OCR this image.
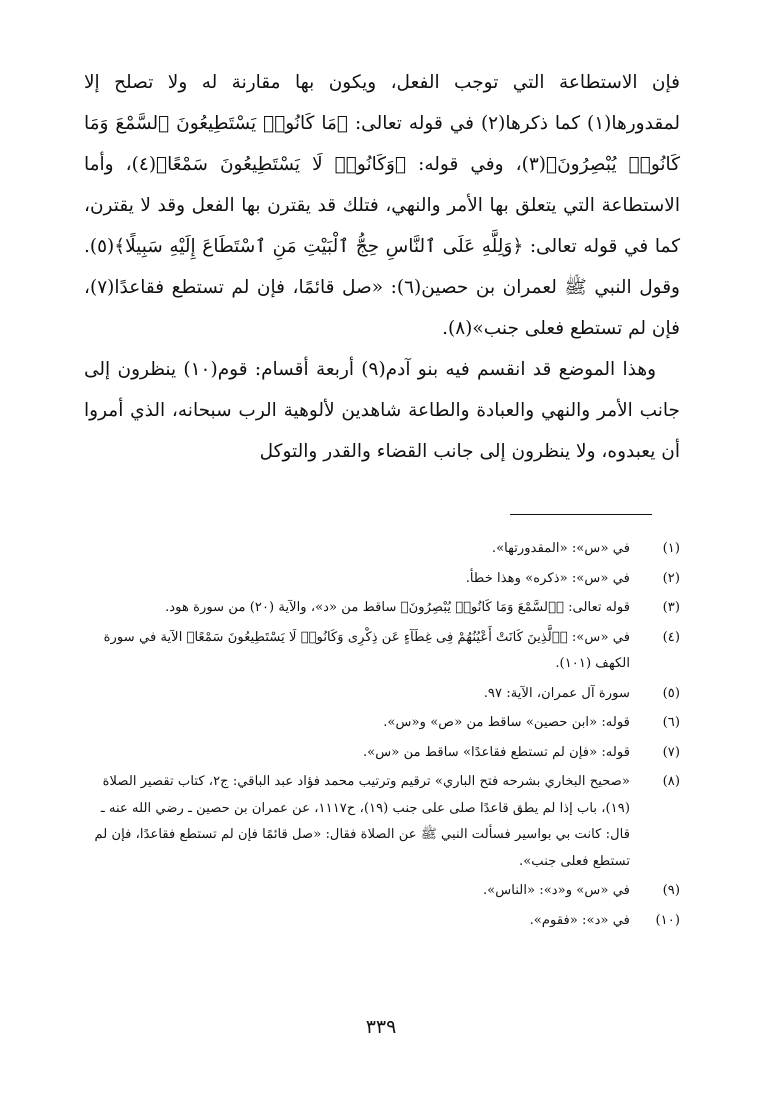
فإن الاستطاعة التي توجب الفعل، ويكون بها مقارنة له ولا تصلح إلا لمقدورها(١) كما ذكرها(٢) في قوله تعالى: ﴿مَا كَانُوا۟ يَسْتَطِيعُونَ ٱلسَّمْعَ وَمَا كَانُوا۟ يُبْصِرُونَ﴾(٣)، وفي قوله: ﴿وَكَانُوا۟ لَا يَسْتَطِيعُونَ سَمْعًا﴾(٤)، وأما الاستطاعة التي يتعلق بها الأمر والنهي، فتلك قد يقترن بها الفعل وقد لا يقترن، كما في قوله تعالى: ﴿وَلِلَّهِ عَلَى ٱلنَّاسِ حِجُّ ٱلْبَيْتِ مَنِ ٱسْتَطَاعَ إِلَيْهِ سَبِيلًا﴾(٥). وقول النبي ﷺ لعمران بن حصين(٦): «صل قائمًا، فإن لم تستطع فقاعدًا(٧)، فإن لم تستطع فعلى جنب»(٨).

وهذا الموضع قد انقسم فيه بنو آدم(٩) أربعة أقسام: قوم(١٠) ينظرون إلى جانب الأمر والنهي والعبادة والطاعة شاهدين لألوهية الرب سبحانه، الذي أمروا أن يعبدوه، ولا ينظرون إلى جانب القضاء والقدر والتوكل

(١)
في «س»: «المقدورتها».
(٢)
في «س»: «ذكره» وهذا خطأ.
(٣)
قوله تعالى: ﴿ٱلسَّمْعَ وَمَا كَانُوا۟ يُبْصِرُونَ﴾ ساقط من «د»، والآية (٢٠) من سورة هود.
(٤)
في «س»: ﴿ٱلَّذِينَ كَانَتْ أَعْيُنُهُمْ فِى غِطَآءٍ عَن ذِكْرِى وَكَانُوا۟ لَا يَسْتَطِيعُونَ سَمْعًا﴾ الآية في سورة الكهف (١٠١).
(٥)
سورة آل عمران، الآية: ٩٧.
(٦)
قوله: «ابن حصين» ساقط من «ص» و«س».
(٧)
قوله: «فإن لم تستطع فقاعدًا» ساقط من «س».
(٨)
«صحيح البخاري بشرحه فتح الباري» ترقيم وترتيب محمد فؤاد عبد الباقي: ج٢، كتاب تقصير الصلاة (١٩)، باب إذا لم يطق قاعدًا صلى على جنب (١٩)، ح١١١٧، عن عمران بن حصين ـ رضي الله عنه ـ قال: كانت بي بواسير فسألت النبي ﷺ عن الصلاة فقال: «صل قائمًا فإن لم تستطع فقاعدًا، فإن لم تستطع فعلى جنب».
(٩)
في «س» و«د»: «الناس».
(١٠)
في «د»: «فقوم».
٣٣٩
